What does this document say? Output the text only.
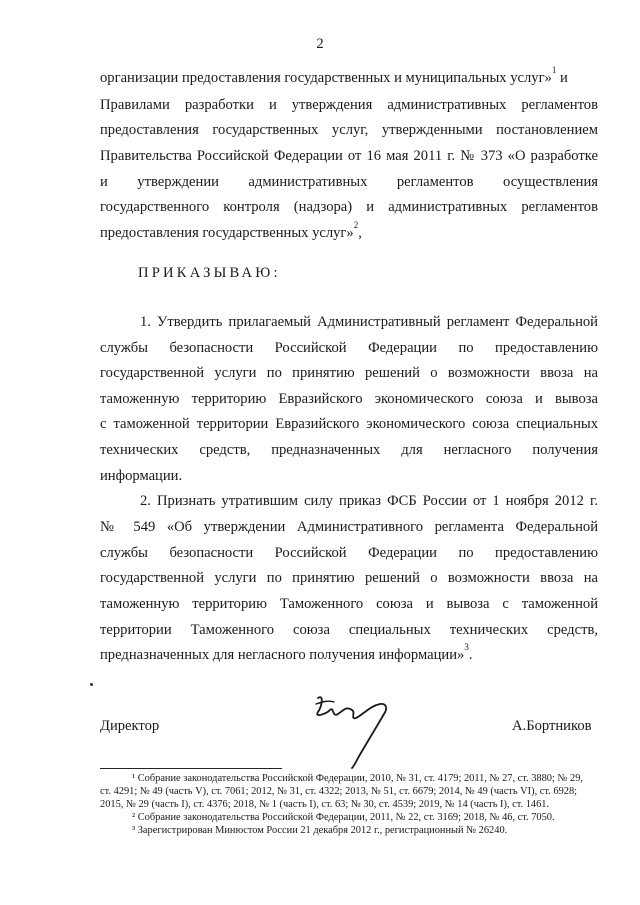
2
организации предоставления государственных и муниципальных услуг»$^1$ и
Правилами разработки и утверждения административных регламентов
предоставления государственных услуг, утвержденными постановлением
Правительства Российской Федерации от 16 мая 2011 г. № 373 «О разработке
и утверждении административных регламентов осуществления
государственного контроля (надзора) и административных регламентов
предоставления государственных услуг»$^2$,
ПРИКАЗЫВАЮ:
1. Утвердить прилагаемый Административный регламент Федеральной
службы безопасности Российской Федерации по предоставлению
государственной услуги по принятию решений о возможности ввоза на
таможенную территорию Евразийского экономического союза и вывоза
с таможенной территории Евразийского экономического союза специальных
технических средств, предназначенных для негласного получения
информации.
2. Признать утратившим силу приказ ФСБ России от 1 ноября 2012 г.
№ 549 «Об утверждении Административного регламента Федеральной
службы безопасности Российской Федерации по предоставлению
государственной услуги по принятию решений о возможности ввоза на
таможенную территорию Таможенного союза и вывоза с таможенной
территории Таможенного союза специальных технических средств,
предназначенных для негласного получения информации»$^3$.
Директор	А.Бортников
¹ Собрание законодательства Российской Федерации, 2010, № 31, ст. 4179; 2011, № 27, ст. 3880; № 29,
ст. 4291; № 49 (часть V), ст. 7061; 2012, № 31, ст. 4322; 2013, № 51, ст. 6679; 2014, № 49 (часть VI), ст. 6928;
2015, № 29 (часть I), ст. 4376; 2018, № 1 (часть I), ст. 63; № 30, ст. 4539; 2019, № 14 (часть I), ст. 1461.
² Собрание законодательства Российской Федерации, 2011, № 22, ст. 3169; 2018, № 46, ст. 7050.
³ Зарегистрирован Минюстом России 21 декабря 2012 г., регистрационный № 26240.
